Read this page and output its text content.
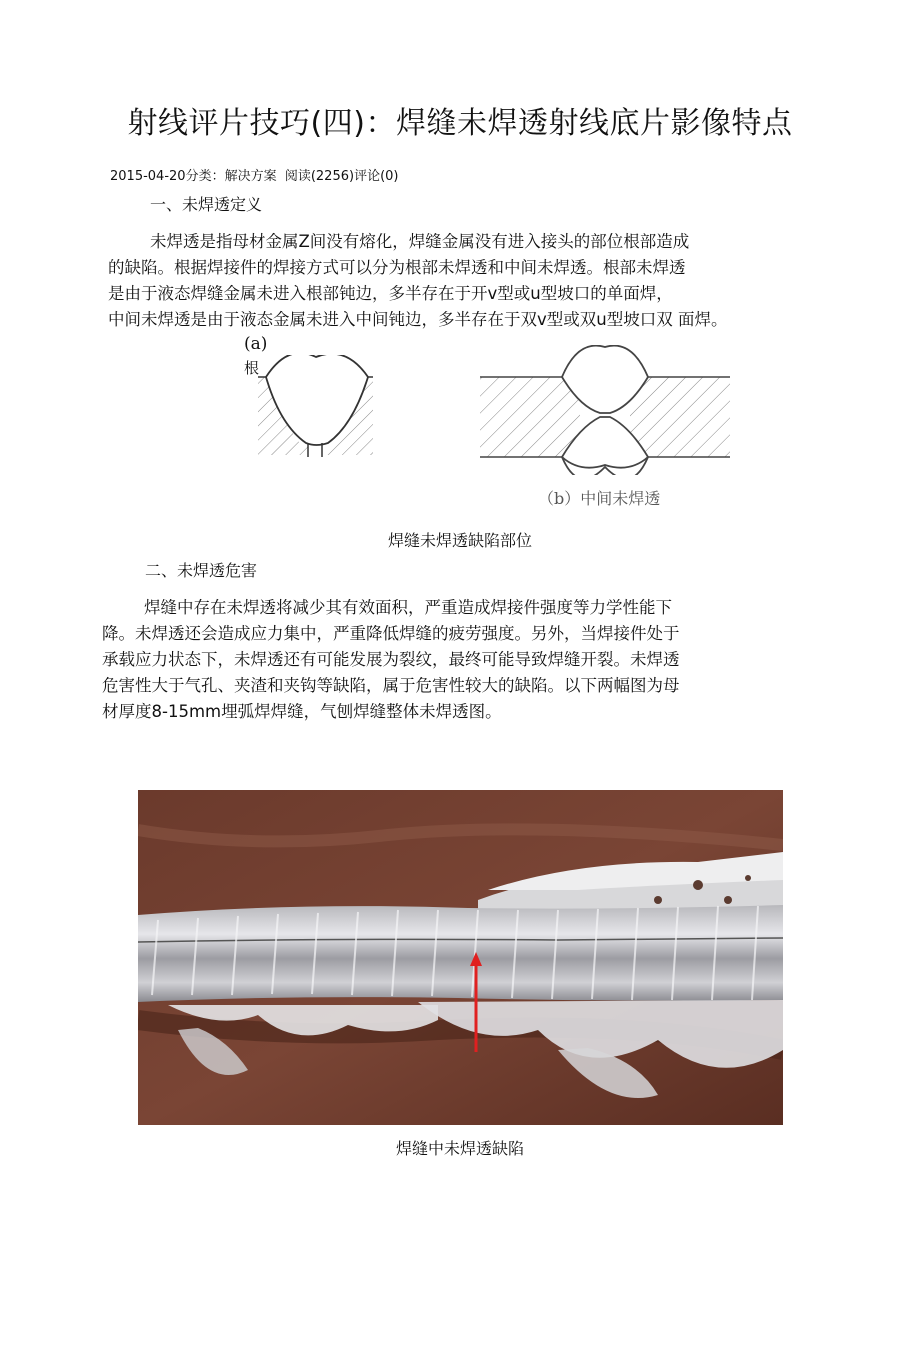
射线评片技巧(四)：焊缝未焊透射线底片影像特点
2015-04-20分类：解决方案 阅读(2256)评论(0)
一、未焊透定义
未焊透是指母材金属Z间没有熔化，焊缝金属没有进入接头的部位根部造成
的缺陷。根据焊接件的焊接方式可以分为根部未焊透和中间未焊透。根部未焊透
是由于液态焊缝金属未进入根部钝边，多半存在于开v型或u型坡口的单面焊，
中间未焊透是由于液态金属未进入中间钝边，多半存在于双v型或双u型坡口双 面焊。
(a)
根
（b）中间未焊透
焊缝未焊透缺陷部位
二、未焊透危害
焊缝中存在未焊透将减少其有效面积，严重造成焊接件强度等力学性能下
降。未焊透还会造成应力集中，严重降低焊缝的疲劳强度。另外，当焊接件处于
承载应力状态下，未焊透还有可能发展为裂纹，最终可能导致焊缝开裂。未焊透
危害性大于气孔、夹渣和夹钩等缺陷，属于危害性较大的缺陷。以下两幅图为母
材厚度8-15mm埋弧焊焊缝，气刨焊缝整体未焊透图。
焊缝中未焊透缺陷
